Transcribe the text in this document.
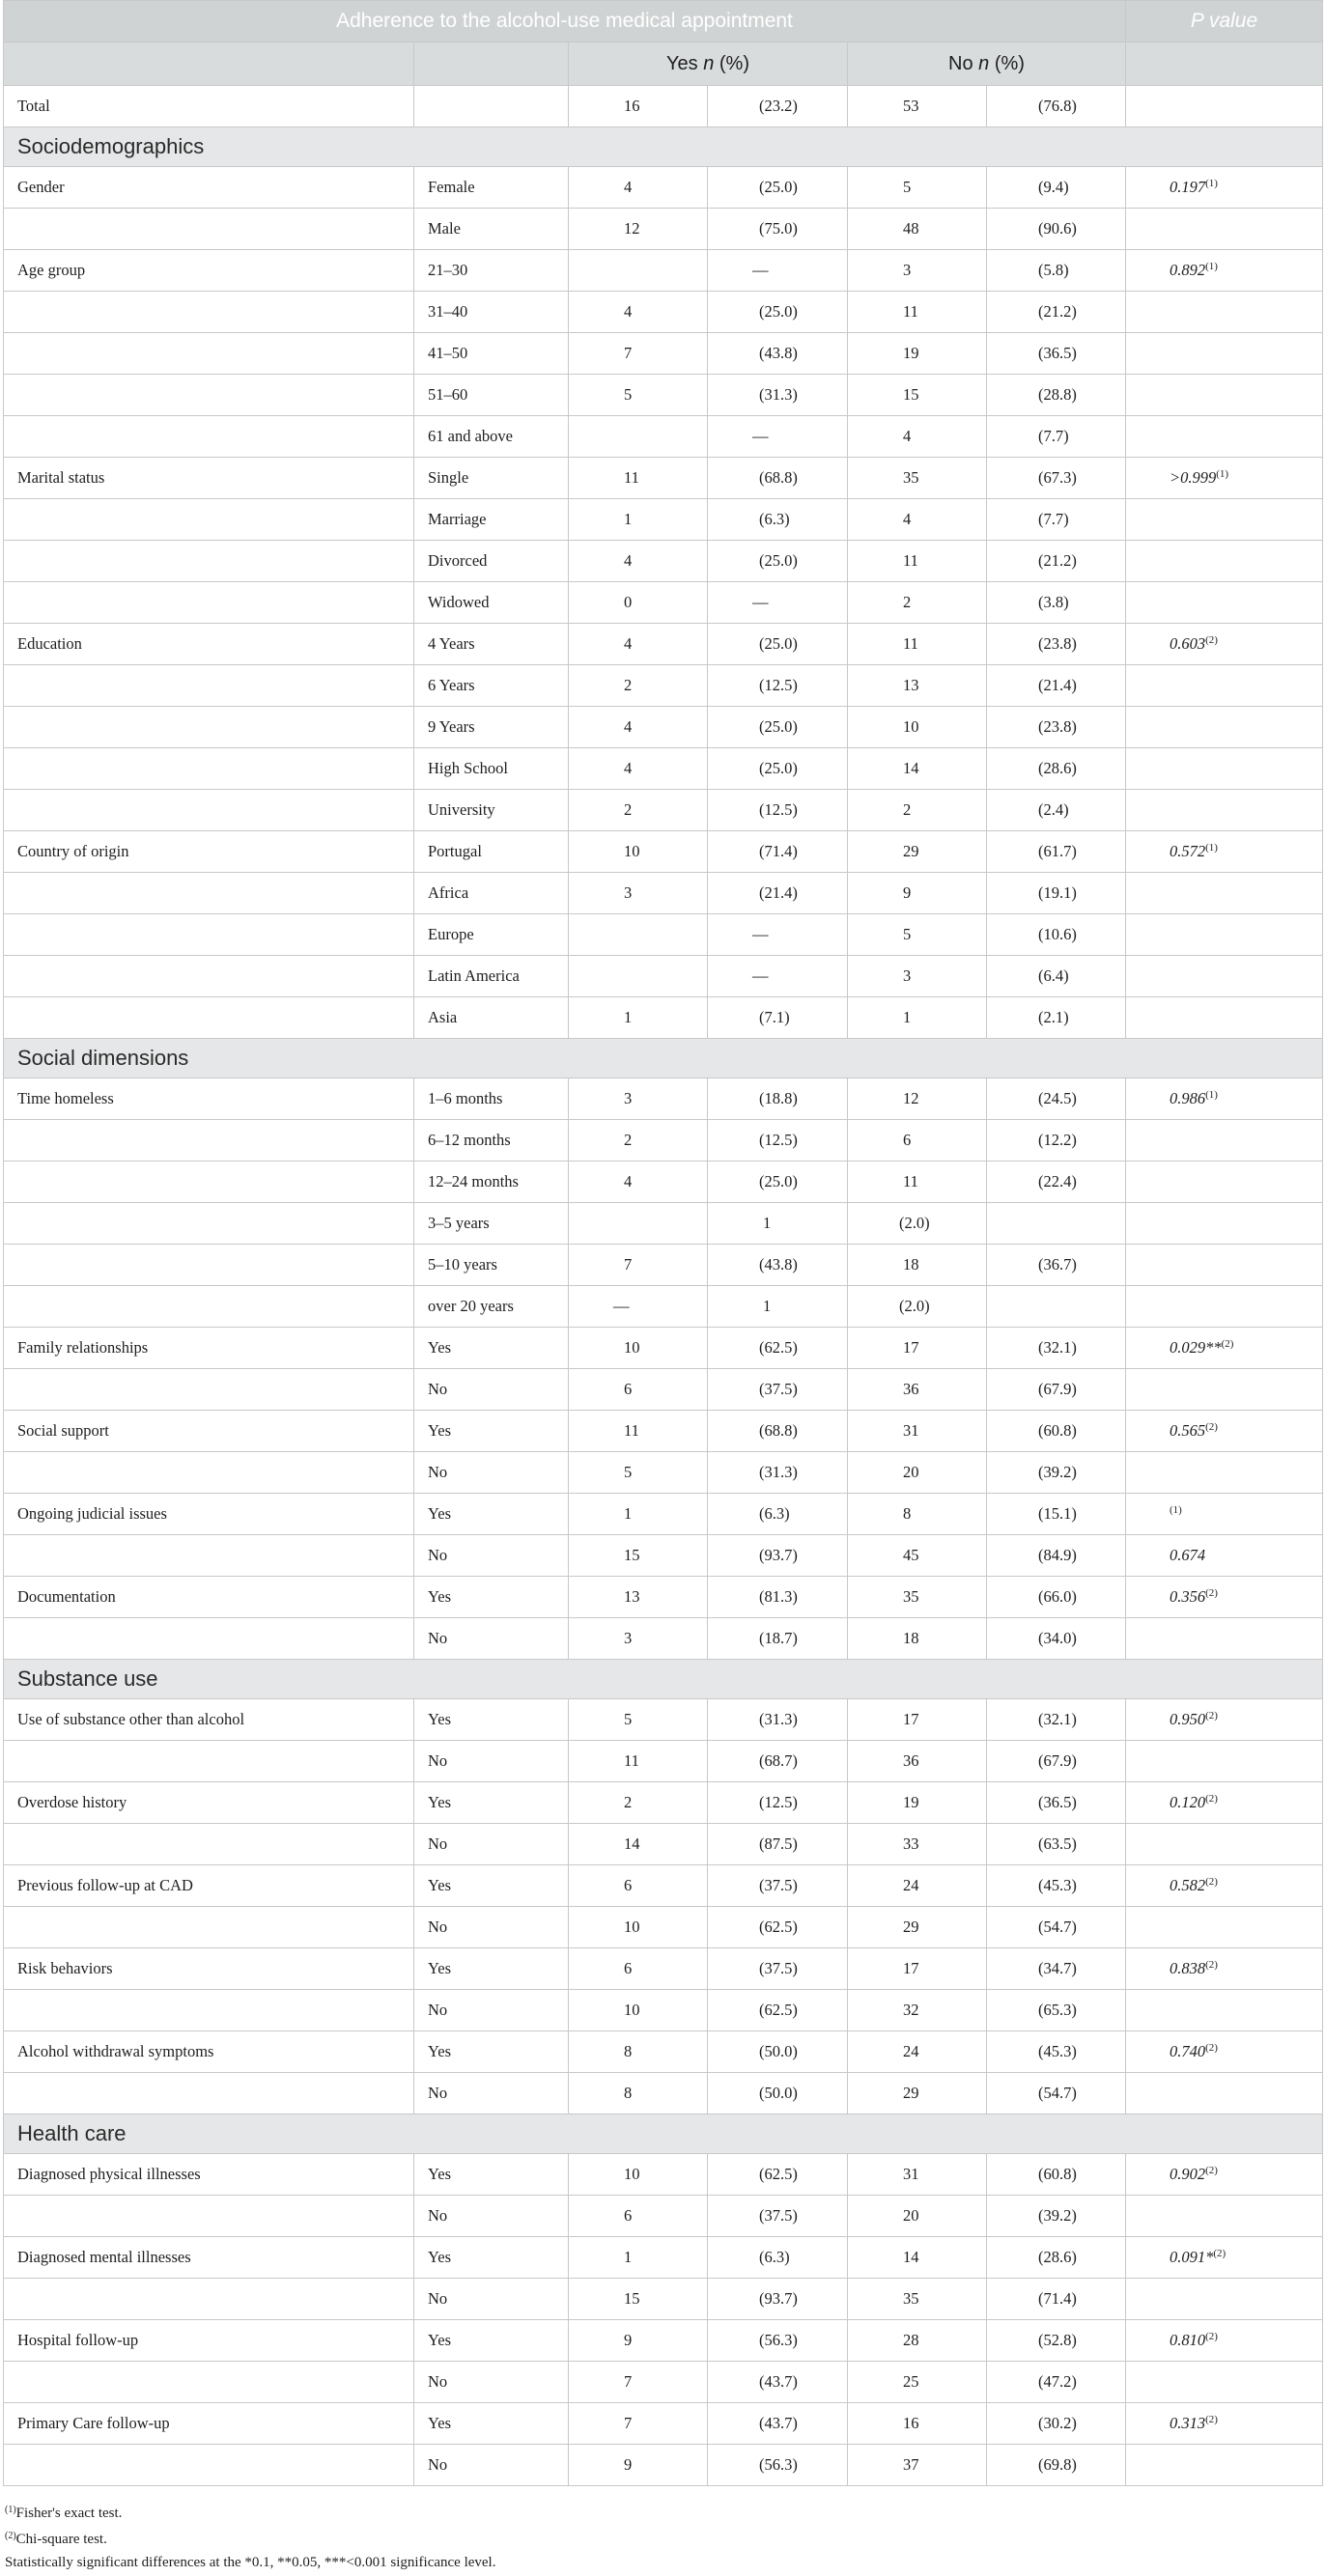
Adherence to the alcohol-use medical appointment						P value
		Yes n (%)		No n (%)		
Total		16	(23.2)	53	(76.8)	
Sociodemographics						
Gender	Female	4	(25.0)	5	(9.4)	0.197$^{(1)}$
	Male	12	(75.0)	48	(90.6)	
Age group	21–30		—	3	(5.8)	0.892$^{(1)}$
	31–40	4	(25.0)	11	(21.2)	
	41–50	7	(43.8)	19	(36.5)	
	51–60	5	(31.3)	15	(28.8)	
	61 and above		—	4	(7.7)	
Marital status	Single	11	(68.8)	35	(67.3)	$>0.999^{(1)}$
	Marriage	1	(6.3)	4	(7.7)	
	Divorced	4	(25.0)	11	(21.2)	
	Widowed	0	—	2	(3.8)	
Education	4 Years	4	(25.0)	11	(23.8)	0.603$^{(2)}$
	6 Years	2	(12.5)	13	(21.4)	
	9 Years	4	(25.0)	10	(23.8)	
	High School	4	(25.0)	14	(28.6)	
	University	2	(12.5)	2	(2.4)	
Country of origin	Portugal	10	(71.4)	29	(61.7)	0.572$^{(1)}$
	Africa	3	(21.4)	9	(19.1)	
	Europe		—	5	(10.6)	
	Latin America		—	3	(6.4)	
	Asia	1	(7.1)	1	(2.1)	
Social dimensions						
Time homeless	1–6 months	3	(18.8)	12	(24.5)	0.986$^{(1)}$
	6–12 months	2	(12.5)	6	(12.2)	
	12–24 months	4	(25.0)	11	(22.4)	
	3–5 years		1	(2.0)		
	5–10 years	7	(43.8)	18	(36.7)	
	over 20 years	—	1	(2.0)		
Family relationships	Yes	10	(62.5)	17	(32.1)	0.029**$^{(2)}$
	No	6	(37.5)	36	(67.9)	
Social support	Yes	11	(68.8)	31	(60.8)	0.565$^{(2)}$
	No	5	(31.3)	20	(39.2)	
Ongoing judicial issues	Yes	1	(6.3)	8	(15.1)	$^{(1)}$
	No	15	(93.7)	45	(84.9)	0.674
Documentation	Yes	13	(81.3)	35	(66.0)	0.356$^{(2)}$
	No	3	(18.7)	18	(34.0)	
Substance use						
Use of substance other than alcohol	Yes	5	(31.3)	17	(32.1)	0.950$^{(2)}$
	No	11	(68.7)	36	(67.9)	
Overdose history	Yes	2	(12.5)	19	(36.5)	0.120$^{(2)}$
	No	14	(87.5)	33	(63.5)	
Previous follow-up at CAD	Yes	6	(37.5)	24	(45.3)	0.582$^{(2)}$
	No	10	(62.5)	29	(54.7)	
Risk behaviors	Yes	6	(37.5)	17	(34.7)	0.838$^{(2)}$
	No	10	(62.5)	32	(65.3)	
Alcohol withdrawal symptoms	Yes	8	(50.0)	24	(45.3)	0.740$^{(2)}$
	No	8	(50.0)	29	(54.7)	
Health care						
Diagnosed physical illnesses	Yes	10	(62.5)	31	(60.8)	0.902$^{(2)}$
	No	6	(37.5)	20	(39.2)	
Diagnosed mental illnesses	Yes	1	(6.3)	14	(28.6)	0.091*$^{(2)}$
	No	15	(93.7)	35	(71.4)	
Hospital follow-up	Yes	9	(56.3)	28	(52.8)	0.810$^{(2)}$
	No	7	(43.7)	25	(47.2)	
Primary Care follow-up	Yes	7	(43.7)	16	(30.2)	0.313$^{(2)}$
	No	9	(56.3)	37	(69.8)	
$^{(1)}$Fisher's exact test.
$^{(2)}$Chi-square test.
Statistically significant differences at the *0.1, **0.05, ***<0.001 significance level.
